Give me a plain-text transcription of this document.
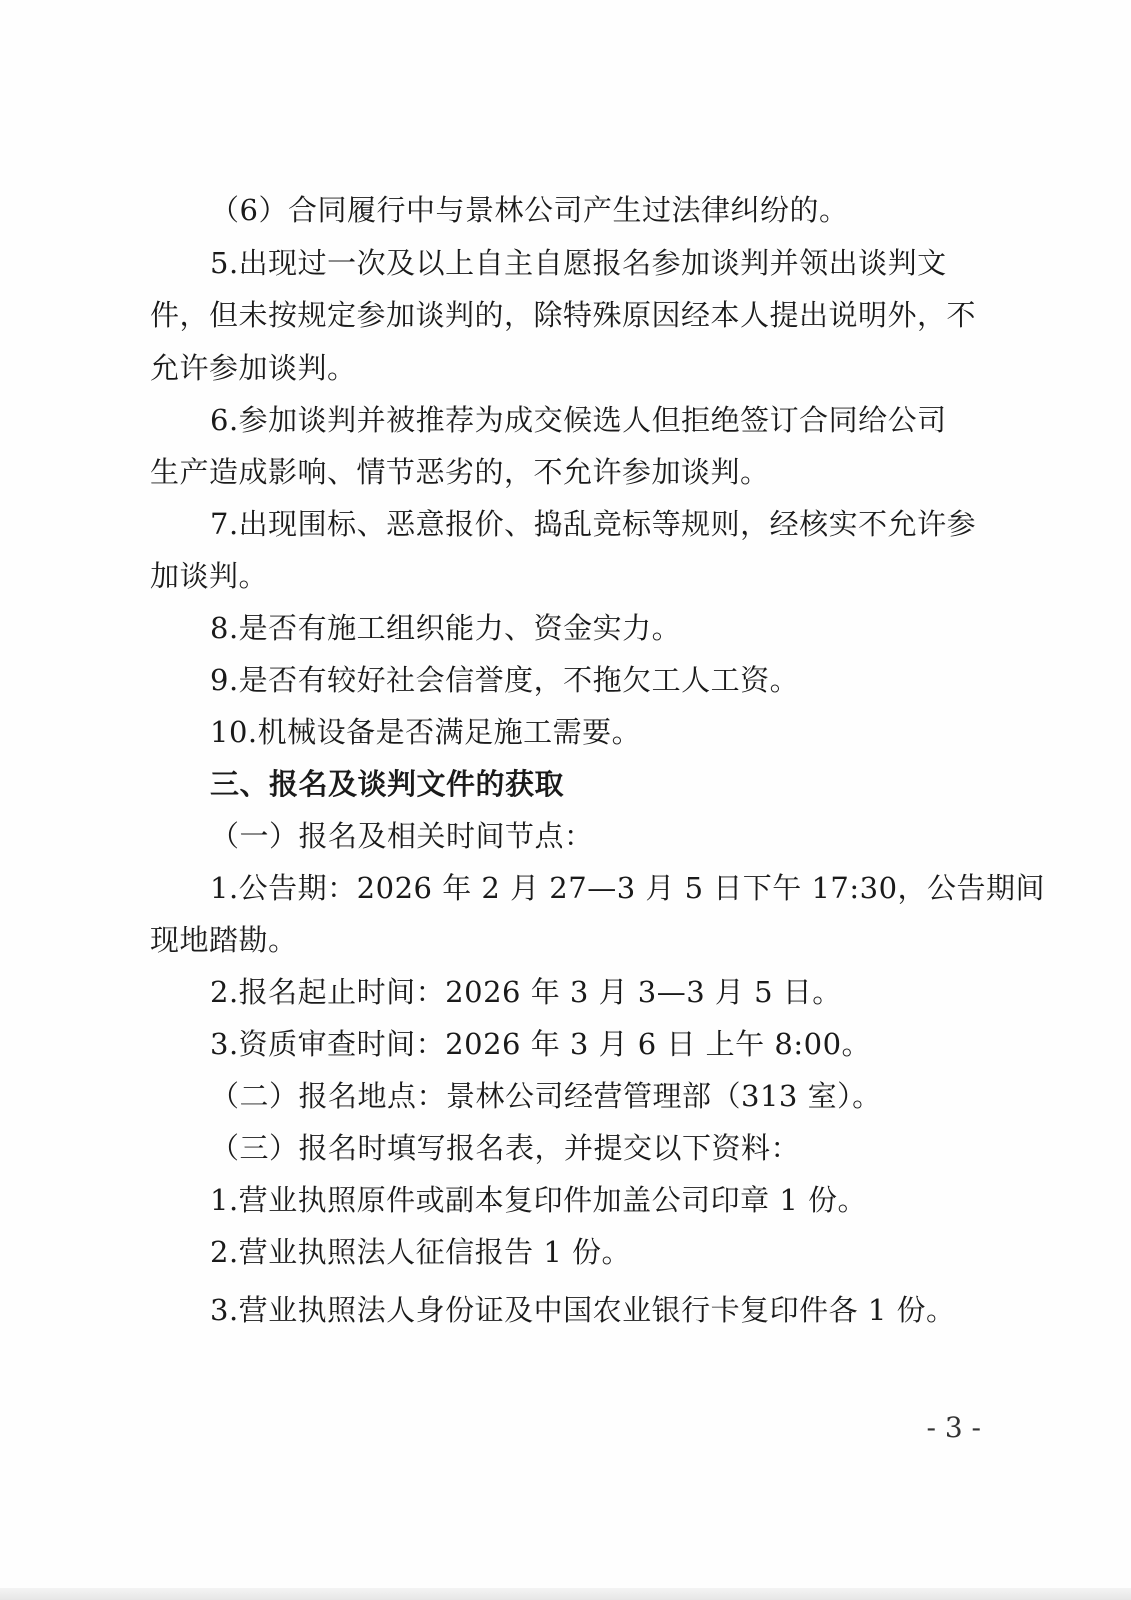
（6）合同履行中与景林公司产生过法律纠纷的。
5.出现过一次及以上自主自愿报名参加谈判并领出谈判文
件，但未按规定参加谈判的，除特殊原因经本人提出说明外，不
允许参加谈判。
6.参加谈判并被推荐为成交候选人但拒绝签订合同给公司
生产造成影响、情节恶劣的，不允许参加谈判。
7.出现围标、恶意报价、捣乱竞标等规则，经核实不允许参
加谈判。
8.是否有施工组织能力、资金实力。
9.是否有较好社会信誉度，不拖欠工人工资。
10.机械设备是否满足施工需要。
三、报名及谈判文件的获取
（一）报名及相关时间节点：
1.公告期：2026 年 2 月 27—3 月 5 日下午 17:30，公告期间
现地踏勘。
2.报名起止时间：2026 年 3 月 3—3 月 5 日。
3.资质审查时间：2026 年 3 月 6 日 上午 8:00。
（二）报名地点：景林公司经营管理部（313 室）。
（三）报名时填写报名表，并提交以下资料：
1.营业执照原件或副本复印件加盖公司印章 1 份。
2.营业执照法人征信报告 1 份。
3.营业执照法人身份证及中国农业银行卡复印件各 1 份。
- 3 -
